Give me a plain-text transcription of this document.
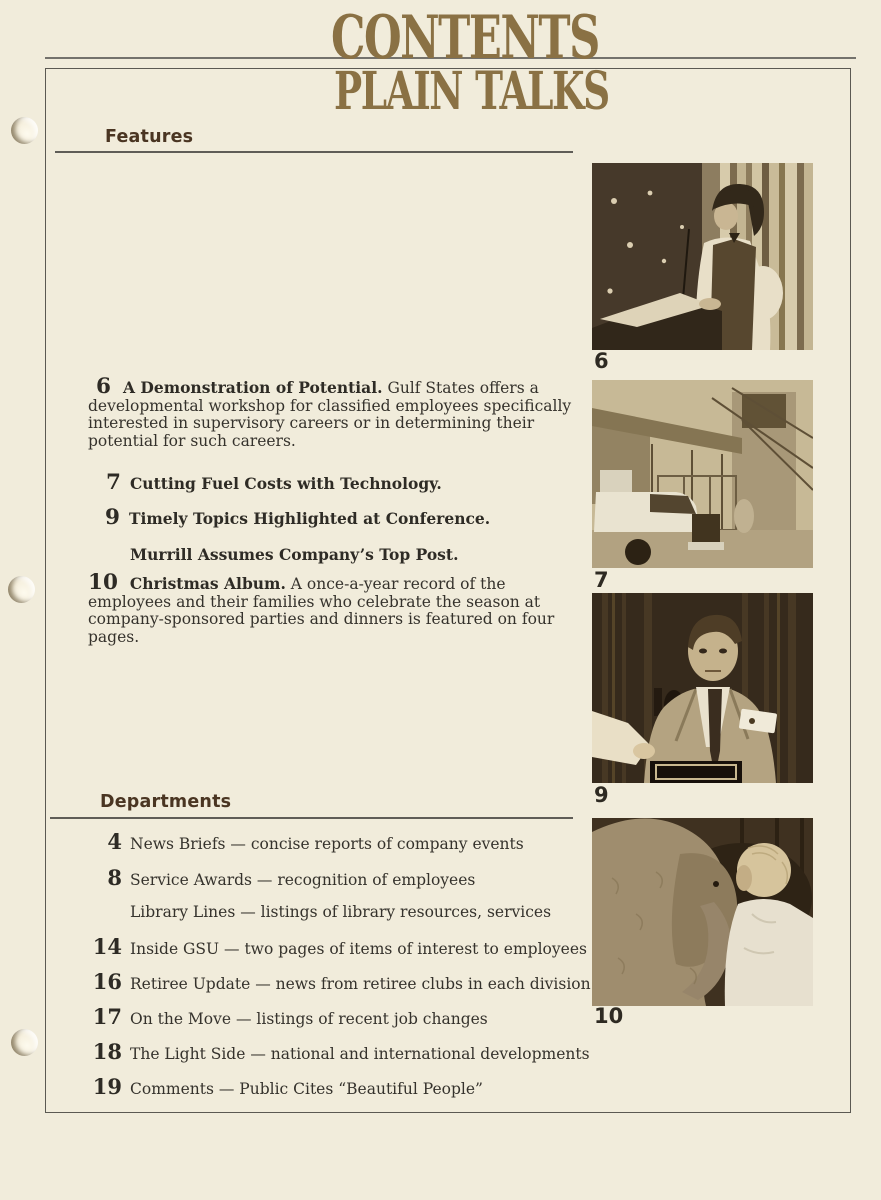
CONTENTS
PLAIN TALKS
Features

6 A Demonstration of Potential. Gulf States offers a developmental workshop for classified employees specifically interested in supervisory careers or in determining their potential for such careers.

7 Cutting Fuel Costs with Technology.

9 Timely Topics Highlighted at Conference.

Murrill Assumes Company’s Top Post.

10 Christmas Album. A once-a-year record of the employees and their families who celebrate the season at company-sponsored parties and dinners is featured on four pages.

Departments
4 News Briefs — concise reports of company events
8 Service Awards — recognition of employees
Library Lines — listings of library resources, services
14 Inside GSU — two pages of items of interest to employees
16 Retiree Update — news from retiree clubs in each division
17 On the Move — listings of recent job changes
18 The Light Side — national and international developments
19 Comments — Public Cites “Beautiful People”
6
7
9
10
